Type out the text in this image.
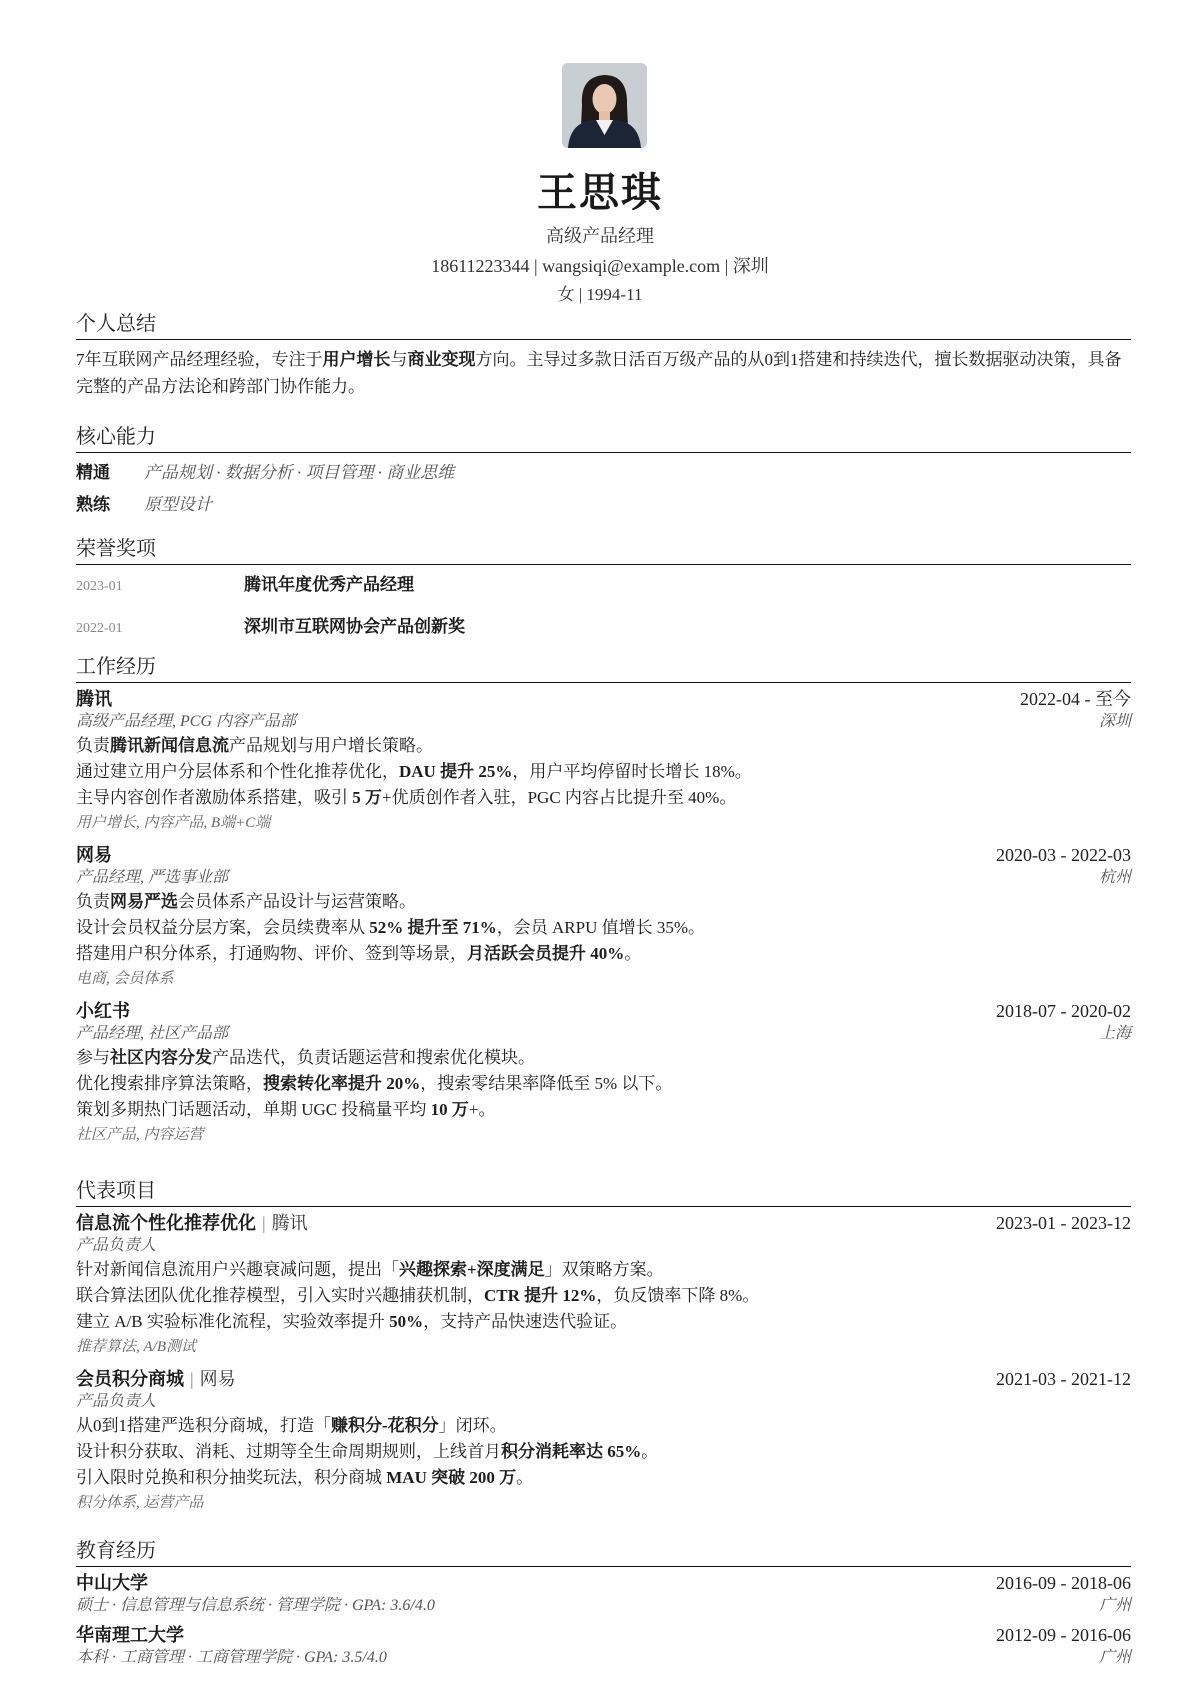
王思琪
高级产品经理
18611223344 | wangsiqi@example.com | 深圳
女 | 1994-11
个人总结
7年互联网产品经理经验，专注于用户增长与商业变现方向。主导过多款日活百万级产品的从0到1搭建和持续迭代，擅长数据驱动决策，具备完整的产品方法论和跨部门协作能力。
核心能力
精通	产品规划 · 数据分析 · 项目管理 · 商业思维
熟练	原型设计
荣誉奖项
2023-01	腾讯年度优秀产品经理
2022-01	深圳市互联网协会产品创新奖
工作经历
腾讯	2022-04 - 至今
高级产品经理, PCG 内容产品部	深圳
负责腾讯新闻信息流产品规划与用户增长策略。
通过建立用户分层体系和个性化推荐优化，DAU 提升 25%，用户平均停留时长增长 18%。
主导内容创作者激励体系搭建，吸引 5 万+优质创作者入驻，PGC 内容占比提升至 40%。
用户增长, 内容产品, B端+C端
网易	2020-03 - 2022-03
产品经理, 严选事业部	杭州
负责网易严选会员体系产品设计与运营策略。
设计会员权益分层方案，会员续费率从 52% 提升至 71%，会员 ARPU 值增长 35%。
搭建用户积分体系，打通购物、评价、签到等场景，月活跃会员提升 40%。
电商, 会员体系
小红书	2018-07 - 2020-02
产品经理, 社区产品部	上海
参与社区内容分发产品迭代，负责话题运营和搜索优化模块。
优化搜索排序算法策略，搜索转化率提升 20%，搜索零结果率降低至 5% 以下。
策划多期热门话题活动，单期 UGC 投稿量平均 10 万+。
社区产品, 内容运营
代表项目
信息流个性化推荐优化 | 腾讯	2023-01 - 2023-12
产品负责人
针对新闻信息流用户兴趣衰减问题，提出「兴趣探索+深度满足」双策略方案。
联合算法团队优化推荐模型，引入实时兴趣捕获机制，CTR 提升 12%，负反馈率下降 8%。
建立 A/B 实验标准化流程，实验效率提升 50%，支持产品快速迭代验证。
推荐算法, A/B测试
会员积分商城 | 网易	2021-03 - 2021-12
产品负责人
从0到1搭建严选积分商城，打造「赚积分-花积分」闭环。
设计积分获取、消耗、过期等全生命周期规则，上线首月积分消耗率达 65%。
引入限时兑换和积分抽奖玩法，积分商城 MAU 突破 200 万。
积分体系, 运营产品
教育经历
中山大学	2016-09 - 2018-06
硕士 · 信息管理与信息系统 · 管理学院 · GPA: 3.6/4.0	广州
华南理工大学	2012-09 - 2016-06
本科 · 工商管理 · 工商管理学院 · GPA: 3.5/4.0	广州
